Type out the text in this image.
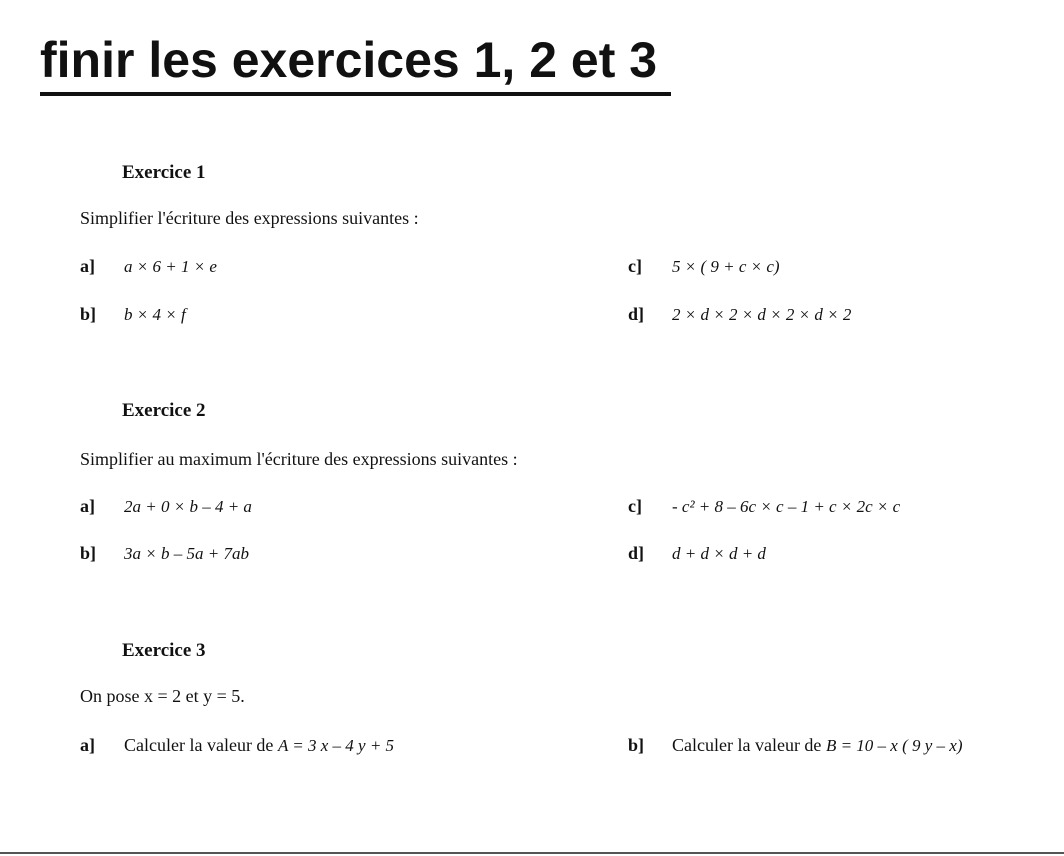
finir les exercices 1, 2 et 3
Exercice 1
Simplifier l'écriture des expressions suivantes :
a] a × 6 + 1 × e
b] b × 4 × f
c] 5 × ( 9 + c × c)
d] 2 × d × 2 × d × 2 × d × 2
Exercice 2
Simplifier au maximum l'écriture des expressions suivantes :
a] 2a + 0 × b – 4 + a
b] 3a × b – 5a + 7ab
c] - c² + 8 – 6c × c – 1 + c × 2c × c
d] d + d × d + d
Exercice 3
On pose x = 2 et y = 5.
a] Calculer la valeur de A = 3 x – 4 y + 5	b] Calculer la valeur de B = 10 – x ( 9 y – x)
